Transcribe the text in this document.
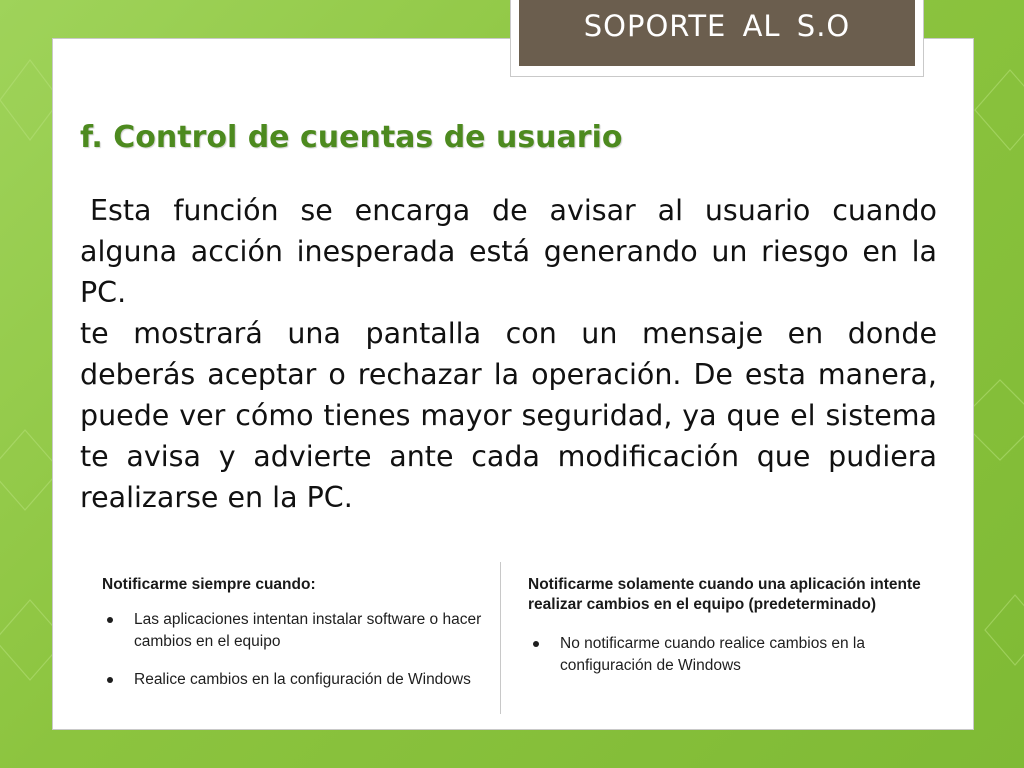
SOPORTE AL S.O
f. Control de cuentas de usuario

Esta función se encarga de avisar al usuario cuando alguna acción inesperada está generando un riesgo en la PC.

te mostrará una pantalla con un mensaje en donde deberás aceptar o rechazar la operación. De esta manera, puede ver cómo tienes mayor seguridad, ya que el sistema te avisa y advierte ante cada modificación que pudiera realizarse en la PC.

Notificarme siempre cuando:
Las aplicaciones intentan instalar software o hacer cambios en el equipo
Realice cambios en la configuración de Windows
Notificarme solamente cuando una aplicación intente realizar cambios en el equipo (predeterminado)
No notificarme cuando realice cambios en la configuración de Windows
